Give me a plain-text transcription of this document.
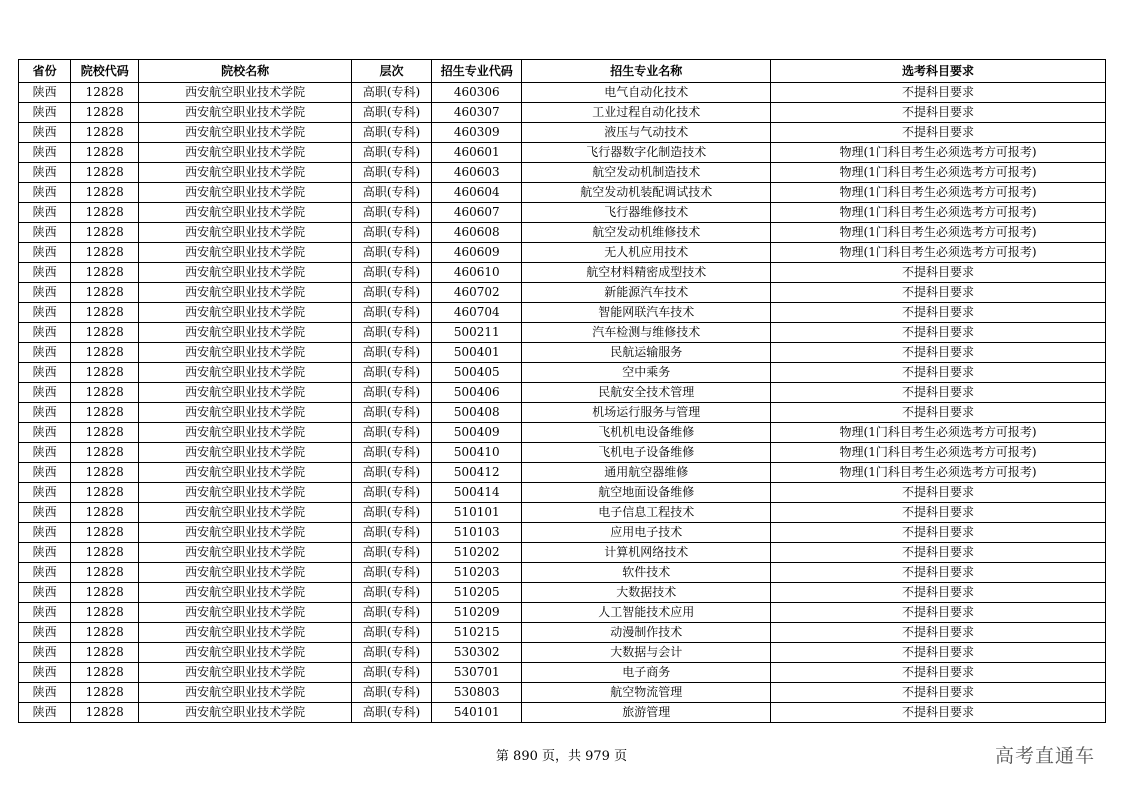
省份	院校代码	院校名称	层次	招生专业代码	招生专业名称	选考科目要求
陕西	12828	西安航空职业技术学院	高职(专科)	460306	电气自动化技术	不提科目要求
陕西	12828	西安航空职业技术学院	高职(专科)	460307	工业过程自动化技术	不提科目要求
陕西	12828	西安航空职业技术学院	高职(专科)	460309	液压与气动技术	不提科目要求
陕西	12828	西安航空职业技术学院	高职(专科)	460601	飞行器数字化制造技术	物理(1门科目考生必须选考方可报考)
陕西	12828	西安航空职业技术学院	高职(专科)	460603	航空发动机制造技术	物理(1门科目考生必须选考方可报考)
陕西	12828	西安航空职业技术学院	高职(专科)	460604	航空发动机装配调试技术	物理(1门科目考生必须选考方可报考)
陕西	12828	西安航空职业技术学院	高职(专科)	460607	飞行器维修技术	物理(1门科目考生必须选考方可报考)
陕西	12828	西安航空职业技术学院	高职(专科)	460608	航空发动机维修技术	物理(1门科目考生必须选考方可报考)
陕西	12828	西安航空职业技术学院	高职(专科)	460609	无人机应用技术	物理(1门科目考生必须选考方可报考)
陕西	12828	西安航空职业技术学院	高职(专科)	460610	航空材料精密成型技术	不提科目要求
陕西	12828	西安航空职业技术学院	高职(专科)	460702	新能源汽车技术	不提科目要求
陕西	12828	西安航空职业技术学院	高职(专科)	460704	智能网联汽车技术	不提科目要求
陕西	12828	西安航空职业技术学院	高职(专科)	500211	汽车检测与维修技术	不提科目要求
陕西	12828	西安航空职业技术学院	高职(专科)	500401	民航运输服务	不提科目要求
陕西	12828	西安航空职业技术学院	高职(专科)	500405	空中乘务	不提科目要求
陕西	12828	西安航空职业技术学院	高职(专科)	500406	民航安全技术管理	不提科目要求
陕西	12828	西安航空职业技术学院	高职(专科)	500408	机场运行服务与管理	不提科目要求
陕西	12828	西安航空职业技术学院	高职(专科)	500409	飞机机电设备维修	物理(1门科目考生必须选考方可报考)
陕西	12828	西安航空职业技术学院	高职(专科)	500410	飞机电子设备维修	物理(1门科目考生必须选考方可报考)
陕西	12828	西安航空职业技术学院	高职(专科)	500412	通用航空器维修	物理(1门科目考生必须选考方可报考)
陕西	12828	西安航空职业技术学院	高职(专科)	500414	航空地面设备维修	不提科目要求
陕西	12828	西安航空职业技术学院	高职(专科)	510101	电子信息工程技术	不提科目要求
陕西	12828	西安航空职业技术学院	高职(专科)	510103	应用电子技术	不提科目要求
陕西	12828	西安航空职业技术学院	高职(专科)	510202	计算机网络技术	不提科目要求
陕西	12828	西安航空职业技术学院	高职(专科)	510203	软件技术	不提科目要求
陕西	12828	西安航空职业技术学院	高职(专科)	510205	大数据技术	不提科目要求
陕西	12828	西安航空职业技术学院	高职(专科)	510209	人工智能技术应用	不提科目要求
陕西	12828	西安航空职业技术学院	高职(专科)	510215	动漫制作技术	不提科目要求
陕西	12828	西安航空职业技术学院	高职(专科)	530302	大数据与会计	不提科目要求
陕西	12828	西安航空职业技术学院	高职(专科)	530701	电子商务	不提科目要求
陕西	12828	西安航空职业技术学院	高职(专科)	530803	航空物流管理	不提科目要求
陕西	12828	西安航空职业技术学院	高职(专科)	540101	旅游管理	不提科目要求
第 890 页，共 979 页	高考直通车
